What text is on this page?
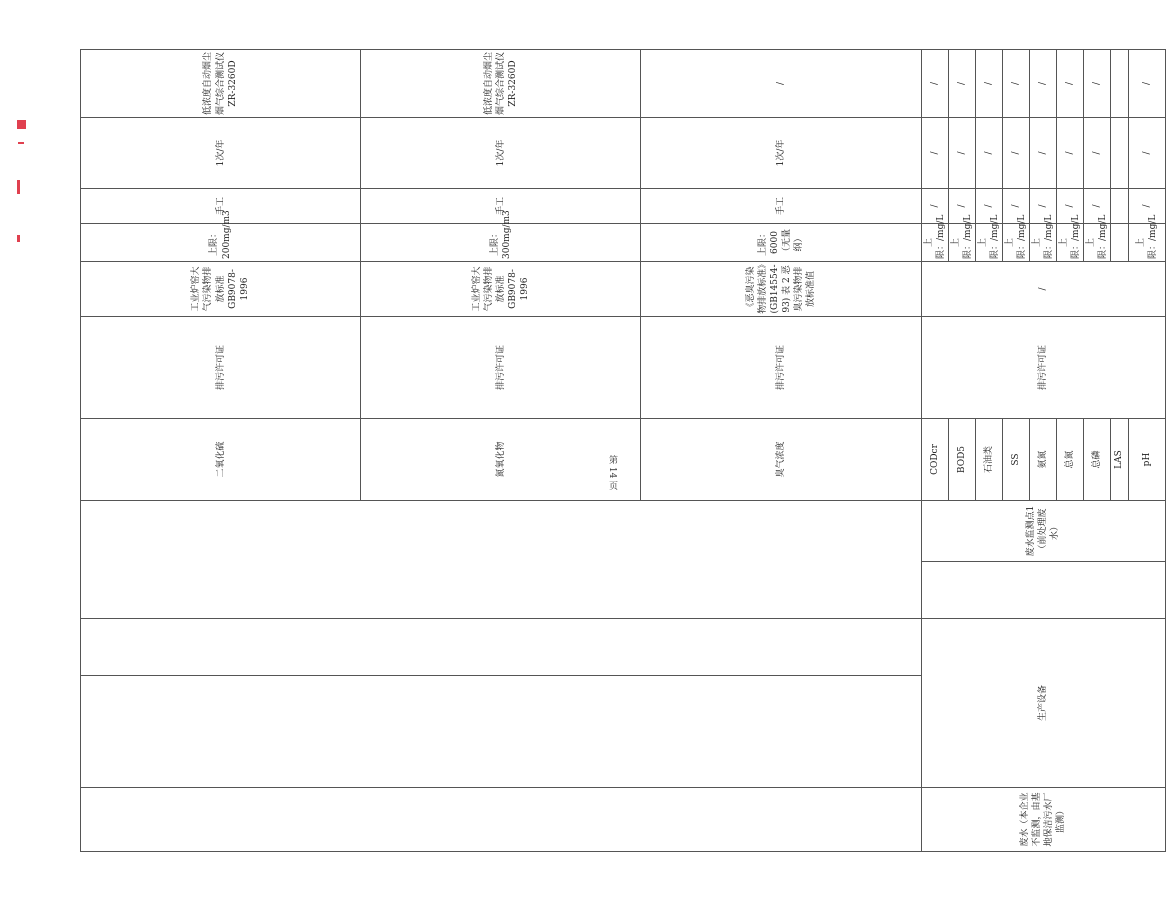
					二氧化硫	排污许可证	工业炉窑大气污染物排放标准GB9078-1996	上限：200mg/m3	手工	1次/年	低浓度自动烟尘烟气综合测试仪ZR-3260D	
					氮氧化物	排污许可证	工业炉窑大气污染物排放标准GB9078-1996	上限：300mg/m3	手工	1次/年	低浓度自动烟尘烟气综合测试仪ZR-3260D	
					臭气浓度	排污许可证	《恶臭污染物排放标准》(GB14554-93) 表 2 恶臭污染物排放标准值	上限：6000（无量纲）	手工	1次/年	/	
废水（本企业不监测，由基地保洁污水厂监测）	生产设备			废水监测点1（前处理废水）	CODcr	排污许可证	/	上限：/mg/L	/	/	/	
					BOD5			上限：/mg/L	/	/	/	
					石油类			上限：/mg/L	/	/	/	
					SS			上限：/mg/L	/	/	/	
					氨氮			上限：/mg/L	/	/	/	
					总氮			上限：/mg/L	/	/	/	
					总磷			上限：/mg/L	/	/	/	
					LAS							
					pH			上限：/mg/L	/	/	/	
第 14 页
